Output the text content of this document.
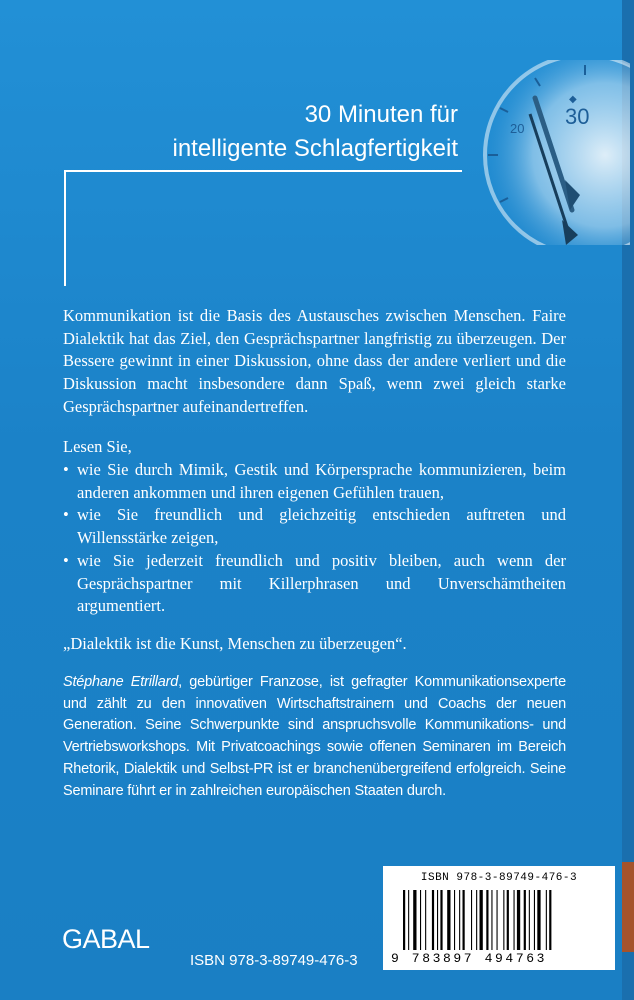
20 30
◆
30 Minuten für
intelligente Schlagfertigkeit

Kommunikation ist die Basis des Austausches zwischen Menschen. Faire Dialektik hat das Ziel, den Gesprächspartner langfristig zu überzeugen. Der Bessere gewinnt in einer Diskussion, ohne dass der andere verliert und die Diskussion macht insbesondere dann Spaß, wenn zwei gleich starke Gesprächspartner aufeinandertreffen.

Lesen Sie,
• wie Sie durch Mimik, Gestik und Körpersprache kommunizieren, beim anderen ankommen und ihren eigenen Gefühlen trauen,
• wie Sie freundlich und gleichzeitig entschieden auftreten und Willensstärke zeigen,
• wie Sie jederzeit freundlich und positiv bleiben, auch wenn der Gesprächspartner mit Killerphrasen und Unverschämtheiten argumentiert.
„Dialektik ist die Kunst, Menschen zu überzeugen“.
Stéphane Etrillard, gebürtiger Franzose, ist gefragter Kommunikationsexperte und zählt zu den innovativen Wirtschaftstrainern und Coachs der neuen Generation. Seine Schwerpunkte sind anspruchsvolle Kommunikations- und Vertriebsworkshops. Mit Privatcoachings sowie offenen Seminaren im Bereich Rhetorik, Dialektik und Selbst-PR ist er branchenübergreifend erfolgreich. Seine Seminare führt er in zahlreichen europäischen Staaten durch.
ISBN 978-3-89749-476-3
9 783897 494763
GABAL
ISBN 978-3-89749-476-3
